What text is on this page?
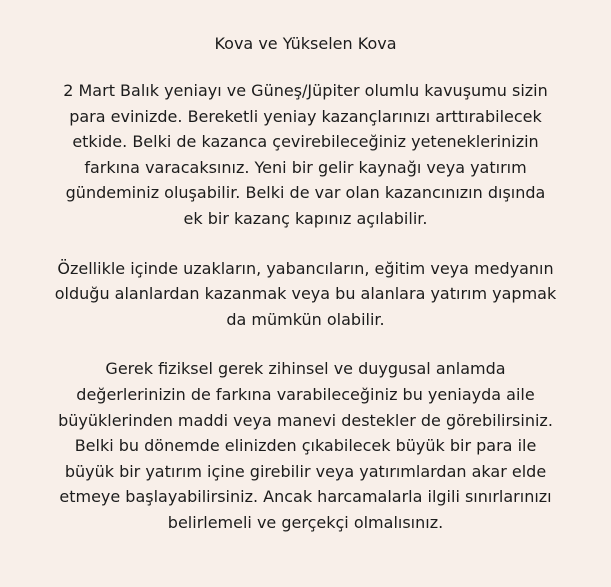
Kova ve Yükselen Kova
2 Mart Balık yeniayı ve Güneş/Jüpiter olumlu kavuşumu sizin
para evinizde. Bereketli yeniay kazançlarınızı arttırabilecek
etkide. Belki de kazanca çevirebileceğiniz yeteneklerinizin
farkına varacaksınız. Yeni bir gelir kaynağı veya yatırım
gündeminiz oluşabilir. Belki de var olan kazancınızın dışında
ek bir kazanç kapınız açılabilir.
Özellikle içinde uzakların, yabancıların, eğitim veya medyanın
olduğu alanlardan kazanmak veya bu alanlara yatırım yapmak
da mümkün olabilir.
Gerek fiziksel gerek zihinsel ve duygusal anlamda
değerlerinizin de farkına varabileceğiniz bu yeniayda aile
büyüklerinden maddi veya manevi destekler de görebilirsiniz.
Belki bu dönemde elinizden çıkabilecek büyük bir para ile
büyük bir yatırım içine girebilir veya yatırımlardan akar elde
etmeye başlayabilirsiniz. Ancak harcamalarla ilgili sınırlarınızı
belirlemeli ve gerçekçi olmalısınız.
